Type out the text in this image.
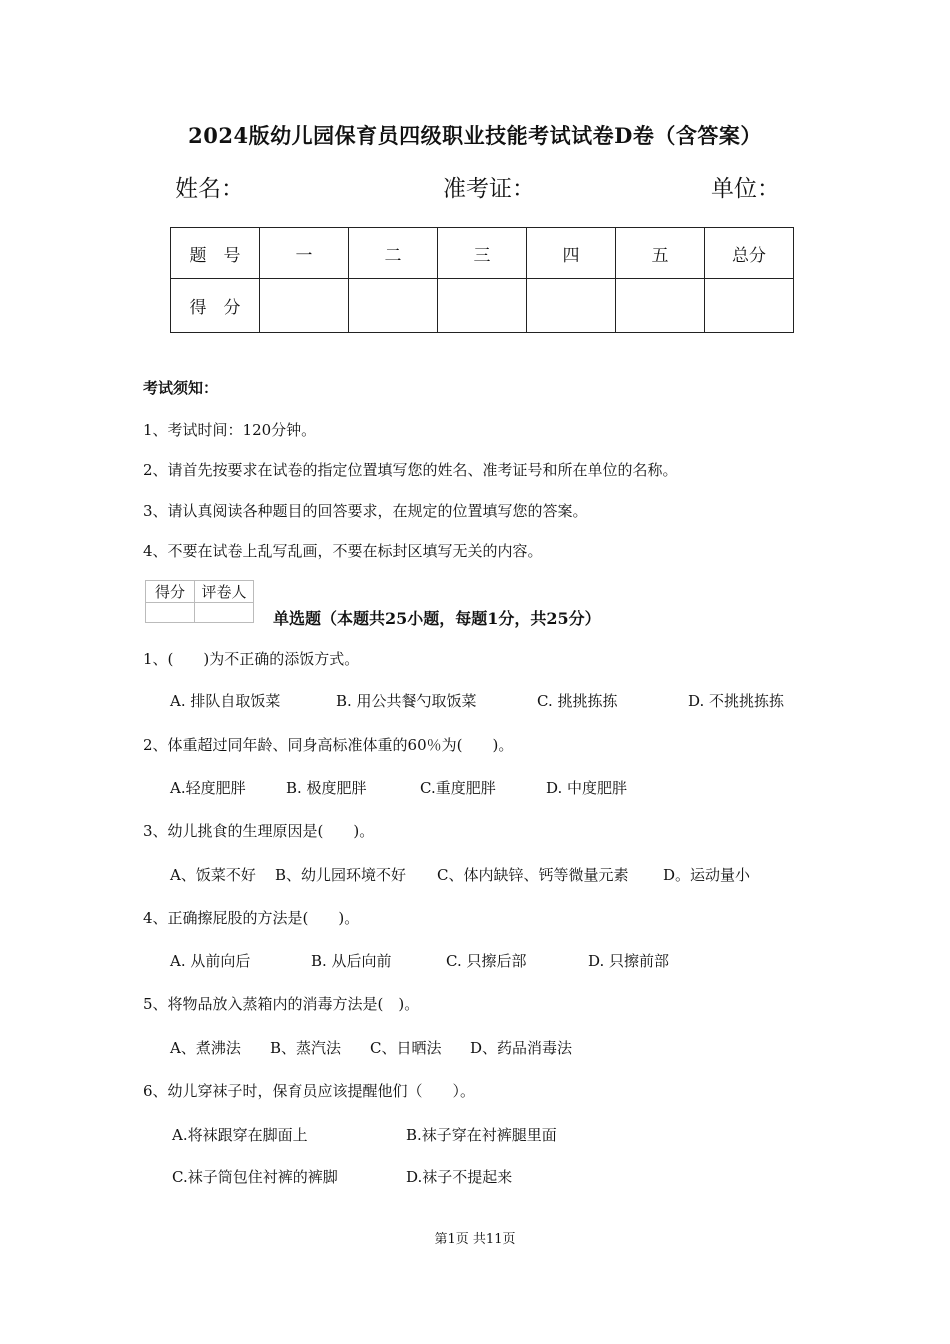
2024版幼儿园保育员四级职业技能考试试卷D卷（含答案）
姓名：	准考证：	单位：
题　号	一	二	三	四	五	总分
得　分						
考试须知：
1、考试时间：120分钟。
2、请首先按要求在试卷的指定位置填写您的姓名、准考证号和所在单位的名称。
3、请认真阅读各种题目的回答要求，在规定的位置填写您的答案。
4、不要在试卷上乱写乱画，不要在标封区填写无关的内容。
得分	评卷人

单选题（本题共25小题，每题1分，共25分）
1、(　　)为不正确的添饭方式。
A. 排队自取饭菜	B. 用公共餐勺取饭菜	C. 挑挑拣拣	D. 不挑挑拣拣
2、体重超过同年龄、同身高标准体重的60％为(　　)。
A.轻度肥胖	B. 极度肥胖	C.重度肥胖	D. 中度肥胖
3、幼儿挑食的生理原因是(　　)。
A、饭菜不好 B、幼儿园环境不好 C、体内缺锌、钙等微量元素 D。运动量小
4、正确擦屁股的方法是(　　)。
A. 从前向后	B. 从后向前	C. 只擦后部	D. 只擦前部
5、将物品放入蒸箱内的消毒方法是(　)。
A、煮沸法 B、蒸汽法 C、日晒法 D、药品消毒法
6、幼儿穿袜子时，保育员应该提醒他们（　　）。
A.将袜跟穿在脚面上	B.袜子穿在衬裤腿里面
C.袜子筒包住衬裤的裤脚	D.袜子不提起来
第1页 共11页
